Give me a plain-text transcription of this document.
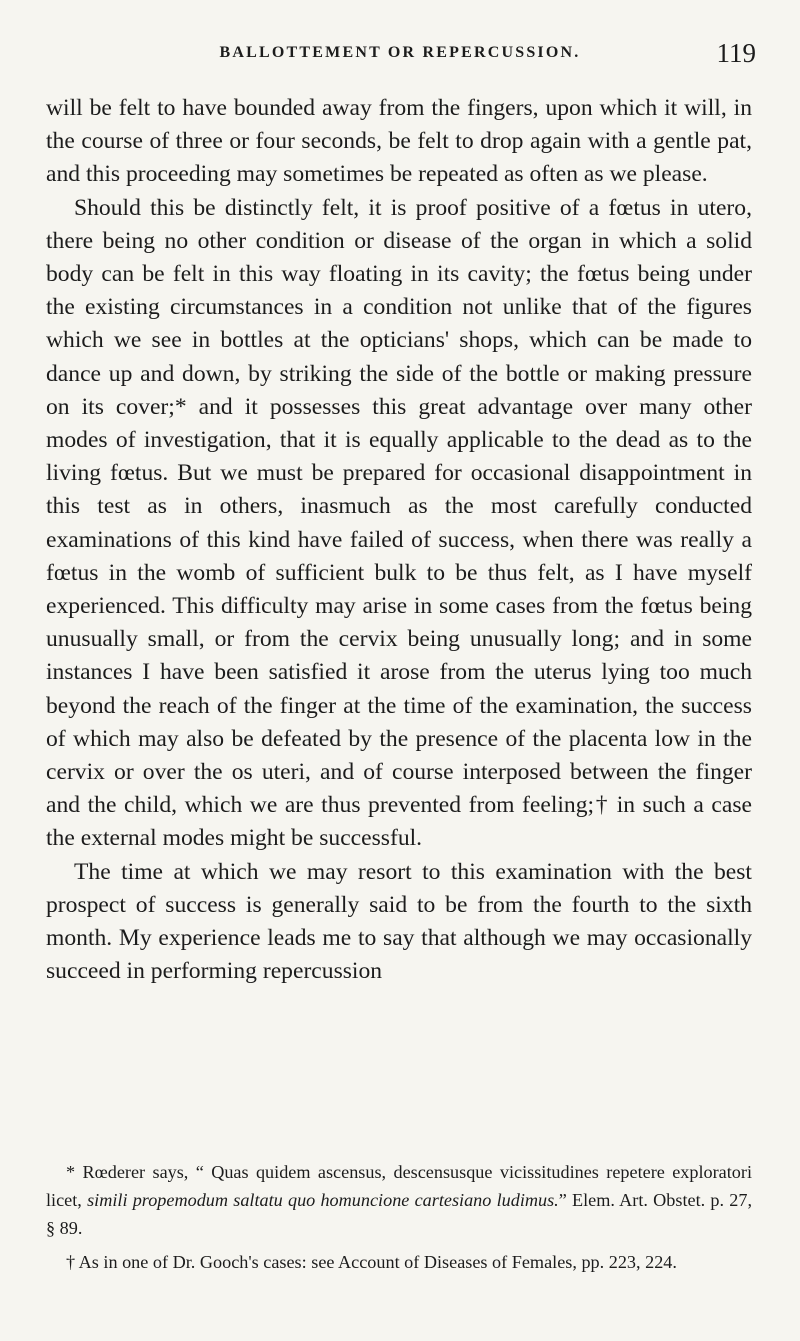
BALLOTTEMENT OR REPERCUSSION.	119

will be felt to have bounded away from the fingers, upon which it will, in the course of three or four seconds, be felt to drop again with a gentle pat, and this proceeding may sometimes be repeated as often as we please.

Should this be distinctly felt, it is proof positive of a fœtus in utero, there being no other condition or disease of the organ in which a solid body can be felt in this way floating in its cavity; the fœtus being under the existing circumstances in a condition not unlike that of the figures which we see in bottles at the opticians' shops, which can be made to dance up and down, by striking the side of the bottle or making pressure on its cover;* and it possesses this great advantage over many other modes of investigation, that it is equally applicable to the dead as to the living fœtus. But we must be prepared for occasional disappointment in this test as in others, inasmuch as the most carefully conducted examinations of this kind have failed of success, when there was really a fœtus in the womb of sufficient bulk to be thus felt, as I have myself experienced. This difficulty may arise in some cases from the fœtus being unusually small, or from the cervix being unusually long; and in some instances I have been satisfied it arose from the uterus lying too much beyond the reach of the finger at the time of the examination, the success of which may also be defeated by the presence of the placenta low in the cervix or over the os uteri, and of course interposed between the finger and the child, which we are thus prevented from feeling;† in such a case the external modes might be successful.

The time at which we may resort to this examination with the best prospect of success is generally said to be from the fourth to the sixth month. My experience leads me to say that although we may occasionally succeed in performing repercussion

* Rœderer says, “ Quas quidem ascensus, descensusque vicissitudines repetere exploratori licet, simili propemodum saltatu quo homuncione cartesiano ludimus.” Elem. Art. Obstet. p. 27, § 89.

† As in one of Dr. Gooch's cases: see Account of Diseases of Females, pp. 223, 224.
